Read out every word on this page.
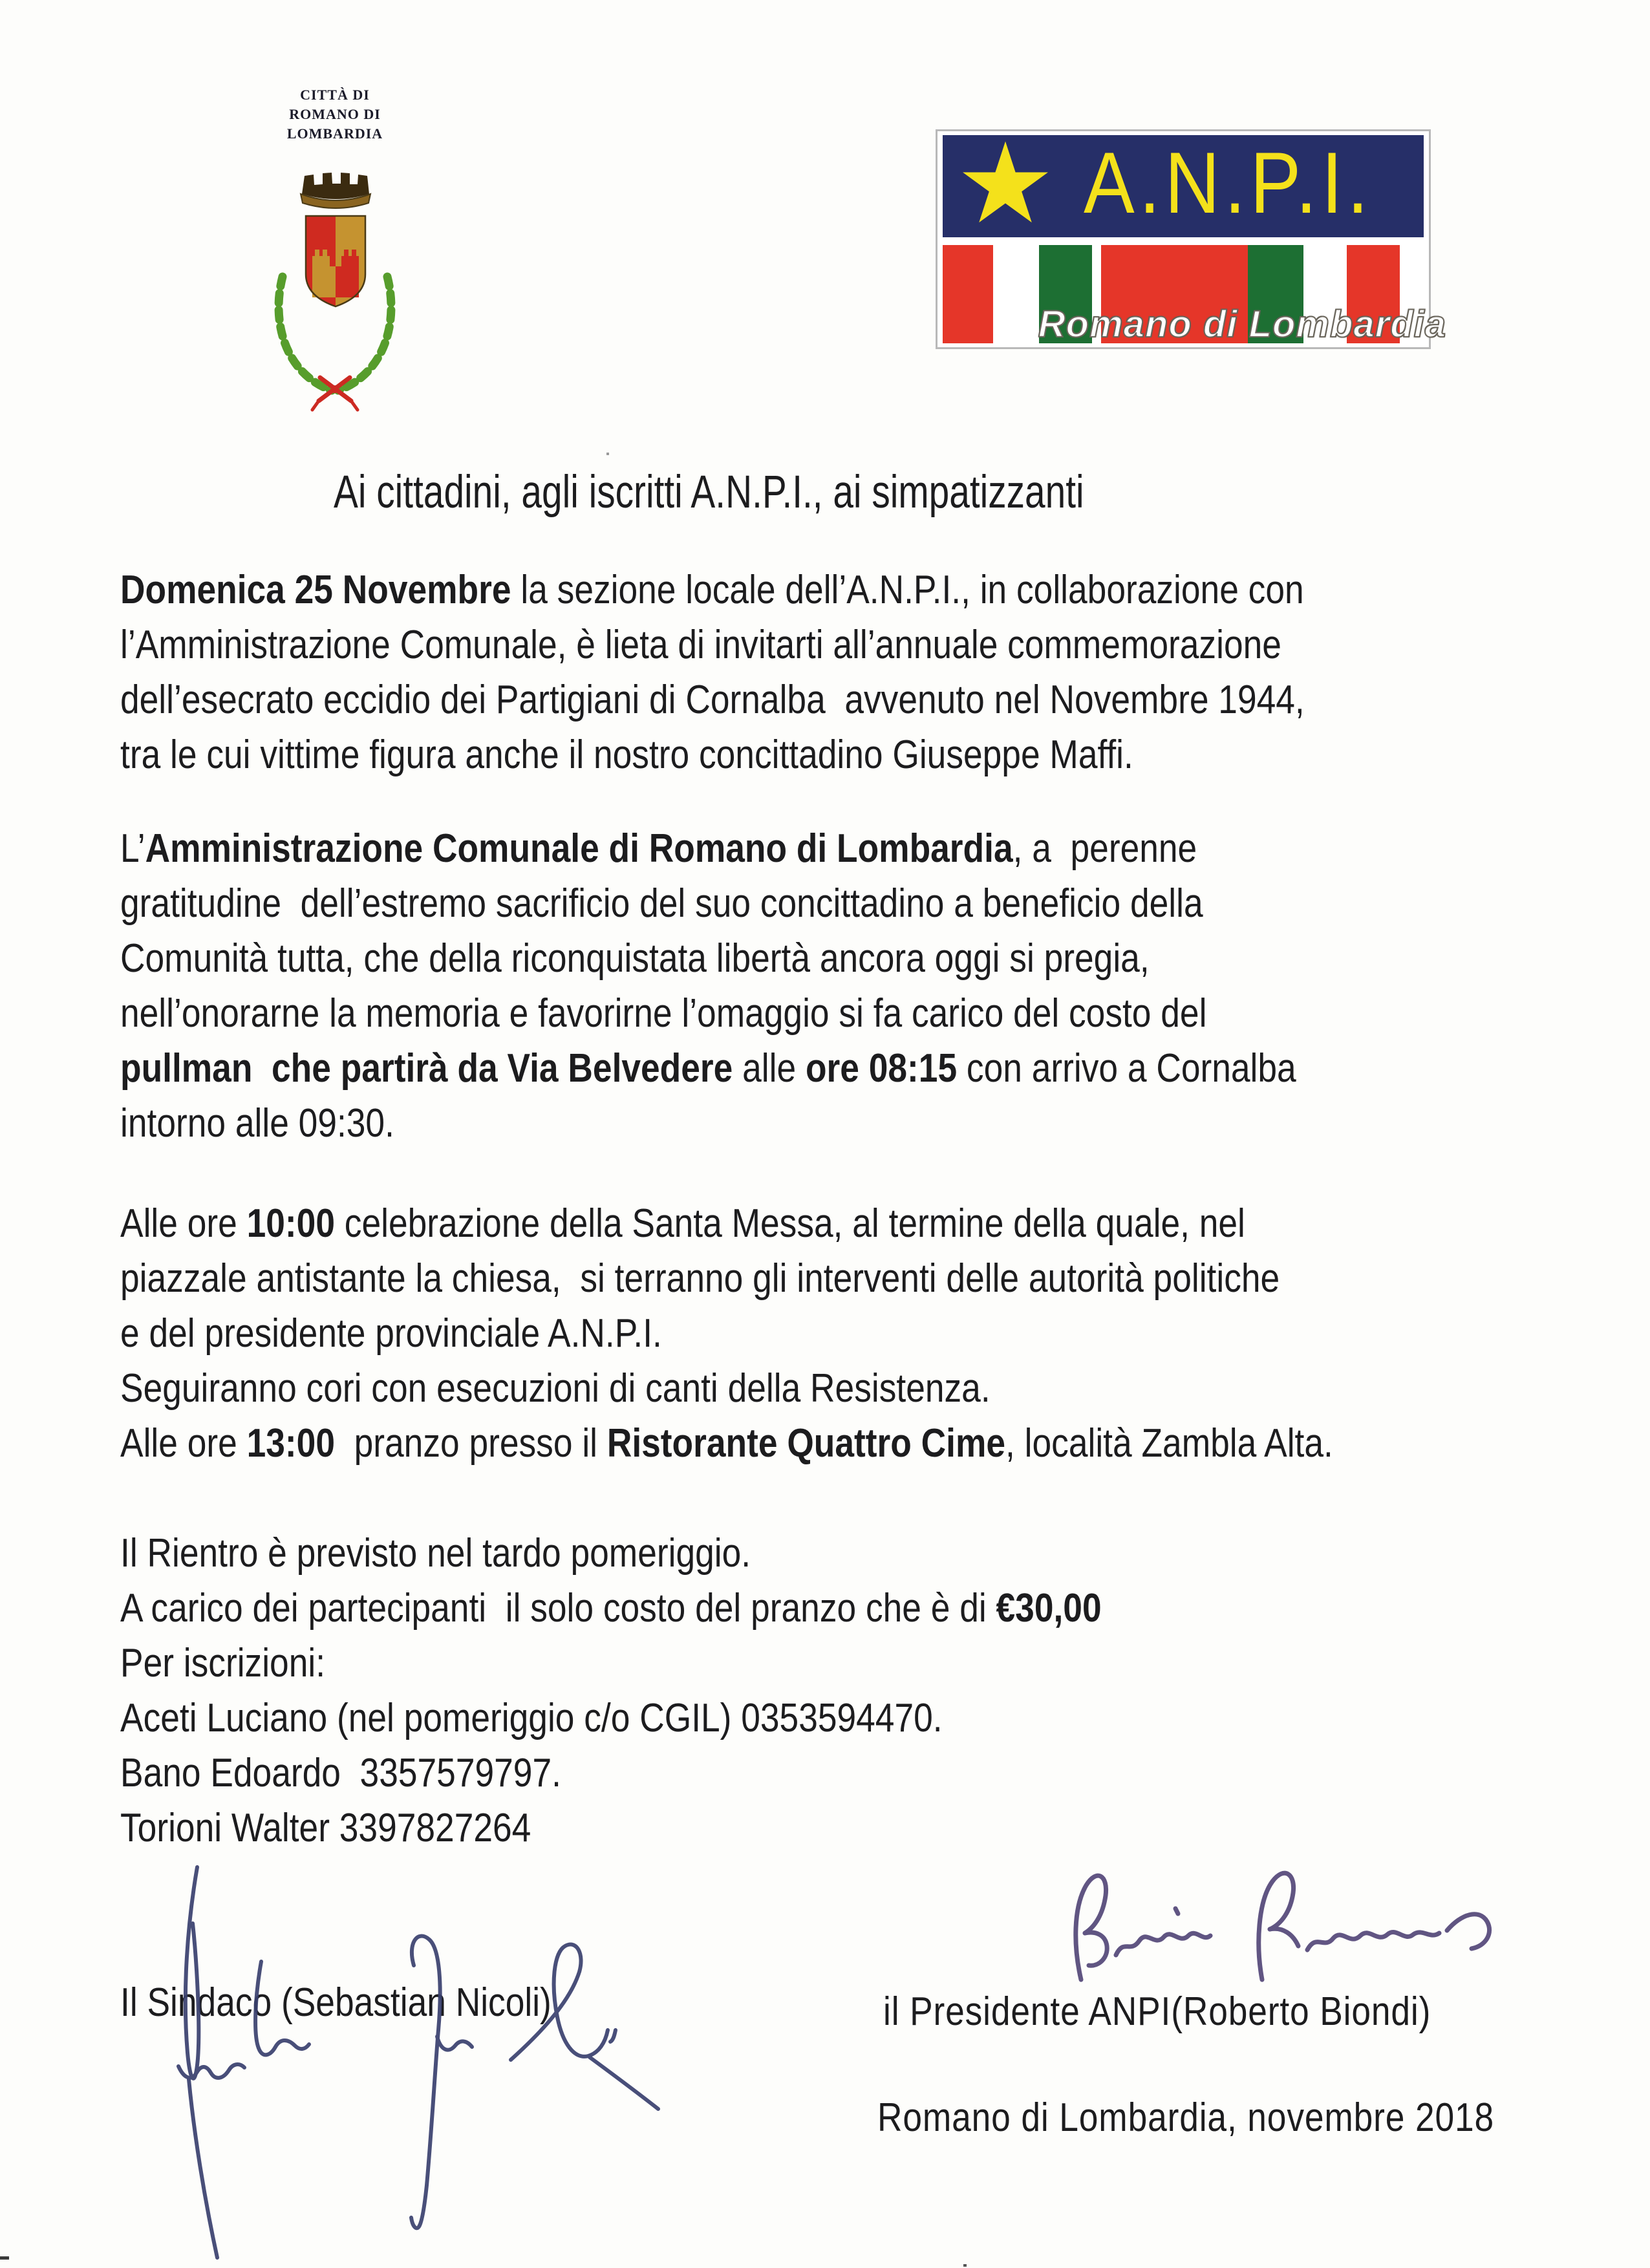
CITTÀ DI
ROMANO DI LOMBARDIA
A.N.P.I.
Romano di Lombardia
Ai cittadini, agli iscritti A.N.P.I., ai simpatizzanti
Domenica 25 Novembre la sezione locale dell’A.N.P.I., in collaborazione con
l’Amministrazione Comunale, è lieta di invitarti all’annuale commemorazione
dell’esecrato eccidio dei Partigiani di Cornalba  avvenuto nel Novembre 1944,
tra le cui vittime figura anche il nostro concittadino Giuseppe Maffi.
L’Amministrazione Comunale di Romano di Lombardia, a  perenne
gratitudine  dell’estremo sacrificio del suo concittadino a beneficio della
Comunità tutta, che della riconquistata libertà ancora oggi si pregia,
nell’onorarne la memoria e favorirne l’omaggio si fa carico del costo del
pullman  che partirà da Via Belvedere alle ore 08:15 con arrivo a Cornalba
intorno alle 09:30.
Alle ore 10:00 celebrazione della Santa Messa, al termine della quale, nel
piazzale antistante la chiesa,  si terranno gli interventi delle autorità politiche
e del presidente provinciale A.N.P.I.
Seguiranno cori con esecuzioni di canti della Resistenza.
Alle ore 13:00  pranzo presso il Ristorante Quattro Cime, località Zambla Alta.
Il Rientro è previsto nel tardo pomeriggio.
A carico dei partecipanti  il solo costo del pranzo che è di €30,00
Per iscrizioni:
Aceti Luciano (nel pomeriggio c/o CGIL) 0353594470.
Bano Edoardo  3357579797.
Torioni Walter 3397827264
Il Sindaco (Sebastian Nicoli)	il Presidente ANPI(Roberto Biondi)
Romano di Lombardia, novembre 2018
